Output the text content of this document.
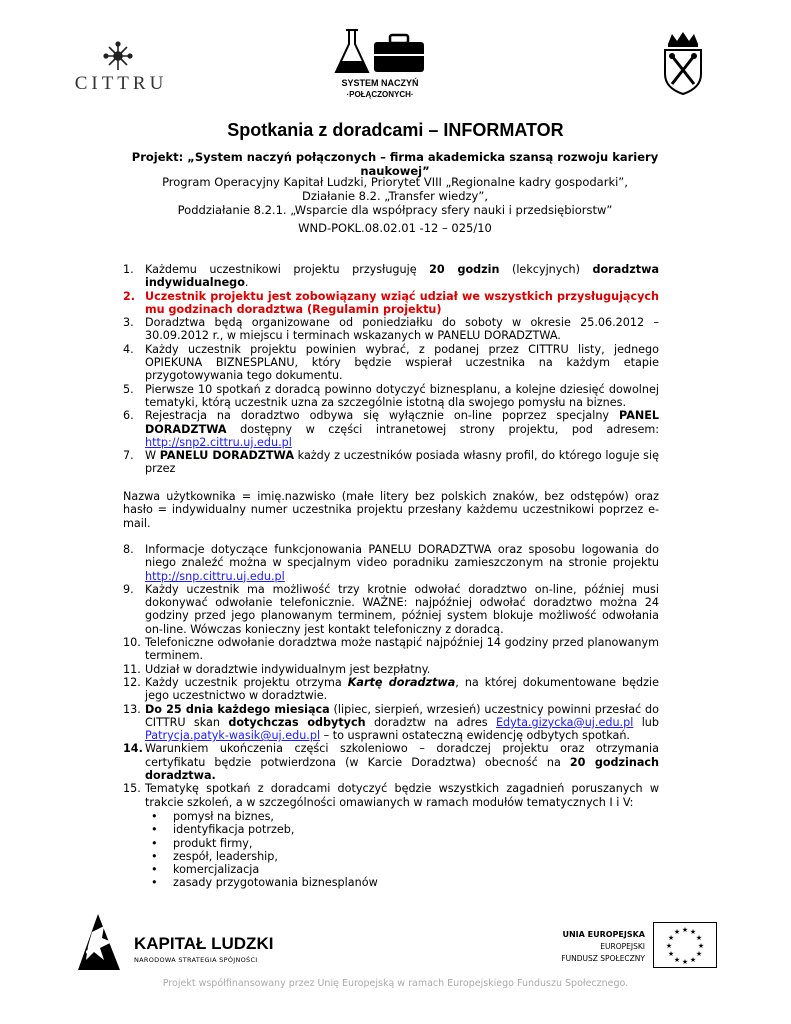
CITTRU	SYSTEM NACZYŃ
·POŁĄCZONYCH·
Spotkania z doradcami – INFORMATOR
Projekt: „System naczyń połączonych – firma akademicka szansą rozwoju kariery naukowej”
Program Operacyjny Kapitał Ludzki, Priorytet VIII „Regionalne kadry gospodarki”,
Działanie 8.2. „Transfer wiedzy”,
Poddziałanie 8.2.1. „Wsparcie dla współpracy sfery nauki i przedsiębiorstw”
WND-POKL.08.02.01 -12 – 025/10
1. Każdemu uczestnikowi projektu przysługuję 20 godzin (lekcyjnych) doradztwa indywidualnego.
2. Uczestnik projektu jest zobowiązany wziąć udział we wszystkich przysługujących mu godzinach doradztwa (Regulamin projektu)
3. Doradztwa będą organizowane od poniedziałku do soboty w okresie 25.06.2012 – 30.09.2012 r., w miejscu i terminach wskazanych w PANELU DORADZTWA.
4. Każdy uczestnik projektu powinien wybrać, z podanej przez CITTRU listy, jednego OPIEKUNA BIZNESPLANU, który będzie wspierał uczestnika na każdym etapie przygotowywania tego dokumentu.
5. Pierwsze 10 spotkań z doradcą powinno dotyczyć biznesplanu, a kolejne dziesięć dowolnej tematyki, którą uczestnik uzna za szczególnie istotną dla swojego pomysłu na biznes.
6. Rejestracja na doradztwo odbywa się wyłącznie on-line poprzez specjalny PANEL DORADZTWA dostępny w części intranetowej strony projektu, pod adresem: http://snp2.cittru.uj.edu.pl
7. W PANELU DORADZTWA każdy z uczestników posiada własny profil, do którego loguje się przez
Nazwa użytkownika = imię.nazwisko (małe litery bez polskich znaków, bez odstępów) oraz hasło = indywidualny numer uczestnika projektu przesłany każdemu uczestnikowi poprzez e-mail.
8. Informacje dotyczące funkcjonowania PANELU DORADZTWA oraz sposobu logowania do niego znaleźć można w specjalnym video poradniku zamieszczonym na stronie projektu http://snp.cittru.uj.edu.pl
9. Każdy uczestnik ma możliwość trzy krotnie odwołać doradztwo on-line, później musi dokonywać odwołanie telefonicznie. WAŻNE: najpóźniej odwołać doradztwo można 24 godziny przed jego planowanym terminem, później system blokuje możliwość odwołania on-line. Wówczas konieczny jest kontakt telefoniczny z doradcą.
10. Telefoniczne odwołanie doradztwa może nastąpić najpóźniej 14 godziny przed planowanym terminem.
11. Udział w doradztwie indywidualnym jest bezpłatny.
12. Każdy uczestnik projektu otrzyma Kartę doradztwa, na której dokumentowane będzie jego uczestnictwo w doradztwie.
13. Do 25 dnia każdego miesiąca (lipiec, sierpień, wrzesień) uczestnicy powinni przesłać do CITTRU skan dotychczas odbytych doradztw na adres Edyta.gizycka@uj.edu.pl lub Patrycja.patyk-wasik@uj.edu.pl – to usprawni ostateczną ewidencję odbytych spotkań.
14. Warunkiem ukończenia części szkoleniowo – doradczej projektu oraz otrzymania certyfikatu będzie potwierdzona (w Karcie Doradztwa) obecność na 20 godzinach doradztwa.
15. Tematykę spotkań z doradcami dotyczyć będzie wszystkich zagadnień poruszanych w trakcie szkoleń, a w szczególności omawianych w ramach modułów tematycznych I i V:
• pomysł na biznes,
• identyfikacja potrzeb,
• produkt firmy,
• zespół, leadership,
• komercjalizacja
• zasady przygotowania biznesplanów
KAPITAŁ LUDZKI
NARODOWA STRATEGIA SPÓJNOŚCI
UNIA EUROPEJSKA
EUROPEJSKI
FUNDUSZ SPOŁECZNY
★ ★
★
★
★
★
★
★
★
★
★
★
Projekt współfinansowany przez Unię Europejską w ramach Europejskiego Funduszu Społecznego.
